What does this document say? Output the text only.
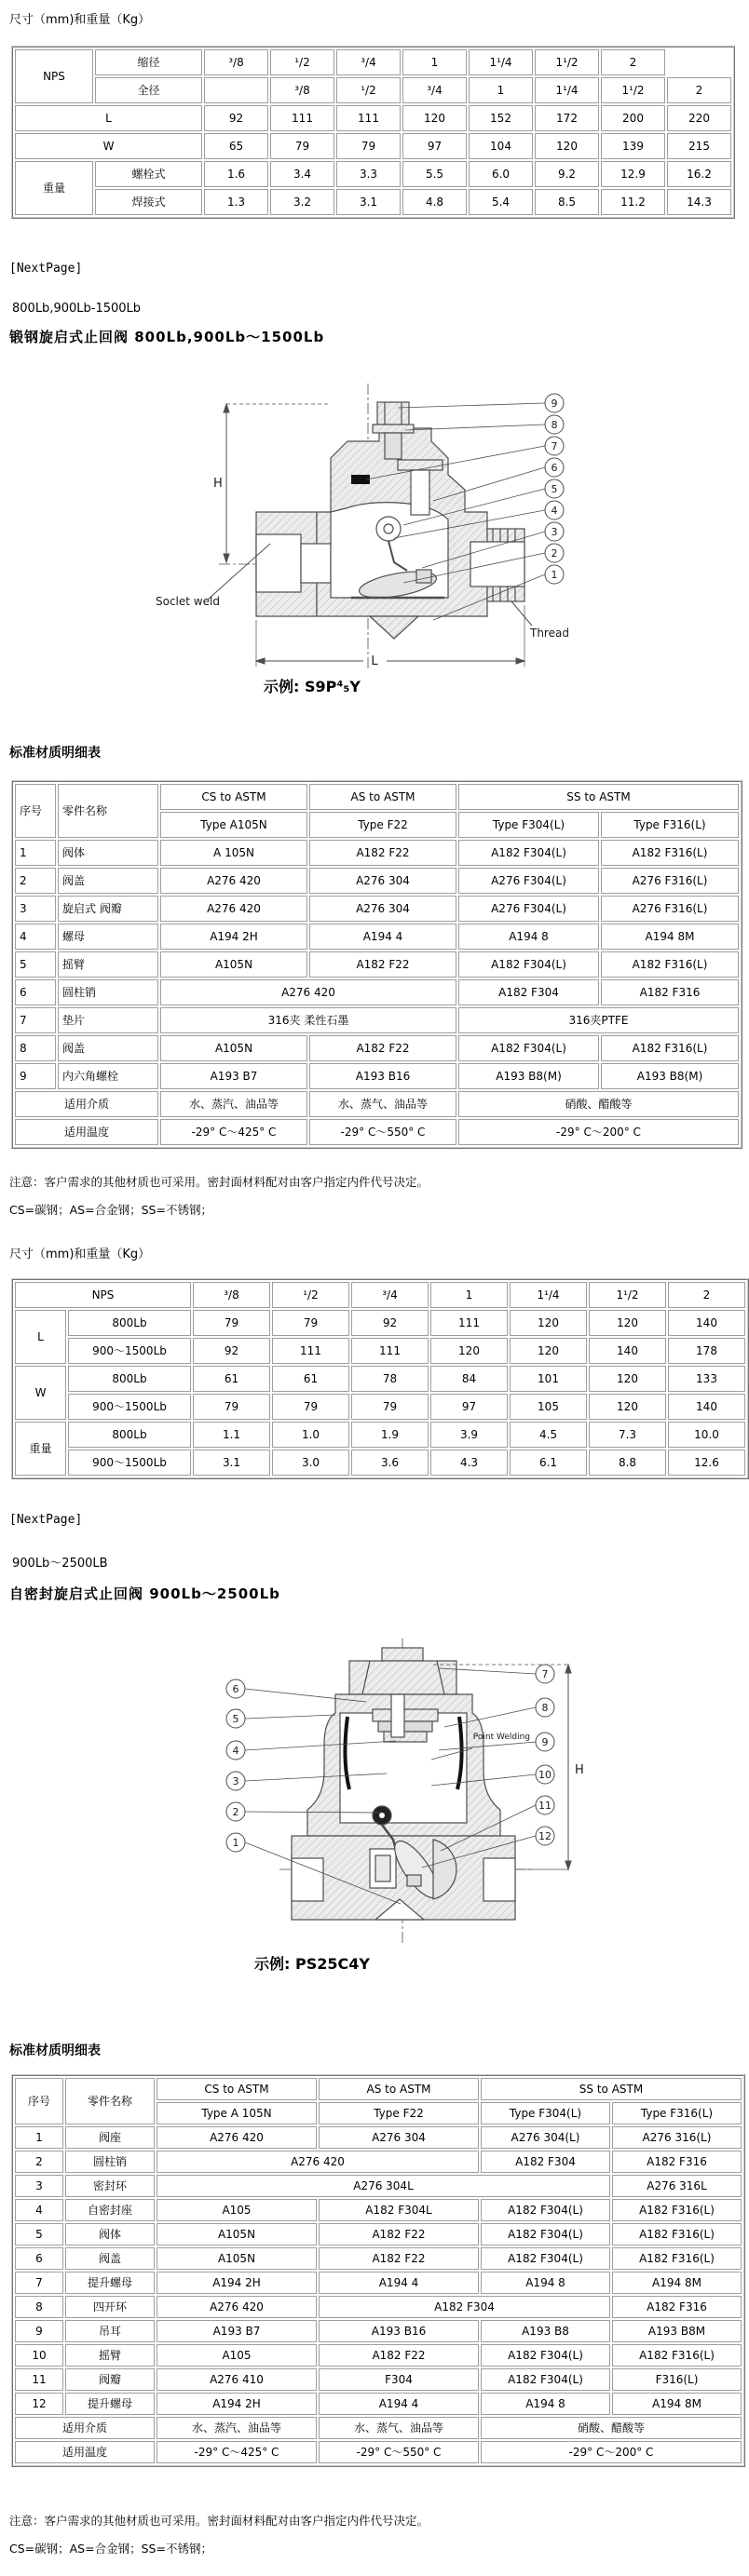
尺寸（mm)和重量（Kg）

NPS	缩径	³/8	¹/2	³/4	1	1¹/4	1¹/2	2	
	全径		³/8	¹/2	³/4	1	1¹/4	1¹/2	2
L		92	111	111	120	152	172	200	220
W		65	79	79	97	104	120	139	215
重量	螺栓式	1.6	3.4	3.3	5.5	6.0	9.2	12.9	16.2
	焊接式	1.3	3.2	3.1	4.8	5.4	8.5	11.2	14.3

[NextPage]

800Lb,900Lb-1500Lb

锻钢旋启式止回阀 800Lb,900Lb～1500Lb
H
L
Soclet weld
Thread
9
8
7
6
5
4
3
2
1
示例: S9P⁴₅Y
标准材质明细表
序号	零件名称	CS to ASTM	AS to ASTM	SS to ASTM	
		Type A105N	Type F22	Type F304(L)	Type F316(L)
1	阀体	A 105N	A182 F22	A182 F304(L)	A182 F316(L)
2	阀盖	A276 420	A276 304	A276 F304(L)	A276 F316(L)
3	旋启式 阀瓣	A276 420	A276 304	A276 F304(L)	A276 F316(L)
4	螺母	A194 2H	A194 4	A194 8	A194 8M
5	摇臂	A105N	A182 F22	A182 F304(L)	A182 F316(L)
6	圆柱销	A276 420		A182 F304	A182 F316
7	垫片	316夹 柔性石墨		316夹PTFE	
8	阀盖	A105N	A182 F22	A182 F304(L)	A182 F316(L)
9	内六角螺栓	A193 B7	A193 B16	A193 B8(M)	A193 B8(M)
适用介质		水、蒸汽、油品等	水、蒸气、油品等	硝酸、醋酸等	
适用温度		-29° C～425° C	-29° C～550° C	-29° C～200° C	

注意：客户需求的其他材质也可采用。密封面材料配对由客户指定内件代号决定。

CS=碳钢；AS=合金钢；SS=不锈钢；

尺寸（mm)和重量（Kg）

NPS		³/8	¹/2	³/4	1	1¹/4	1¹/2	2
L	800Lb	79	79	92	111	120	120	140
	900～1500Lb	92	111	111	120	120	140	178
W	800Lb	61	61	78	84	101	120	133
	900～1500Lb	79	79	79	97	105	120	140
重量	800Lb	1.1	1.0	1.9	3.9	4.5	7.3	10.0
	900～1500Lb	3.1	3.0	3.6	4.3	6.1	8.8	12.6

[NextPage]

900Lb～2500LB

自密封旋启式止回阀 900Lb～2500Lb
H
Point Welding
6
5
4
3
2
1
7
8
9
10
11
12
示例: PS25C4Y
标准材质明细表
序号	零件名称	CS to ASTM	AS to ASTM	SS to ASTM	
		Type A 105N	Type F22	Type F304(L)	Type F316(L)
1	阀座	A276 420	A276 304	A276 304(L)	A276 316(L)
2	圆柱销	A276 420		A182 F304	A182 F316
3	密封环	A276 304L			A276 316L
4	自密封座	A105	A182 F304L	A182 F304(L)	A182 F316(L)
5	阀体	A105N	A182 F22	A182 F304(L)	A182 F316(L)
6	阀盖	A105N	A182 F22	A182 F304(L)	A182 F316(L)
7	提升螺母	A194 2H	A194 4	A194 8	A194 8M
8	四开环	A276 420	A182 F304		A182 F316
9	吊耳	A193 B7	A193 B16	A193 B8	A193 B8M
10	摇臂	A105	A182 F22	A182 F304(L)	A182 F316(L)
11	阀瓣	A276 410	F304	A182 F304(L)	F316(L)
12	提升螺母	A194 2H	A194 4	A194 8	A194 8M
适用介质		水、蒸汽、油品等	水、蒸气、油品等	硝酸、醋酸等	
适用温度		-29° C～425° C	-29° C～550° C	-29° C～200° C	

注意：客户需求的其他材质也可采用。密封面材料配对由客户指定内件代号决定。

CS=碳钢；AS=合金钢；SS=不锈钢；
